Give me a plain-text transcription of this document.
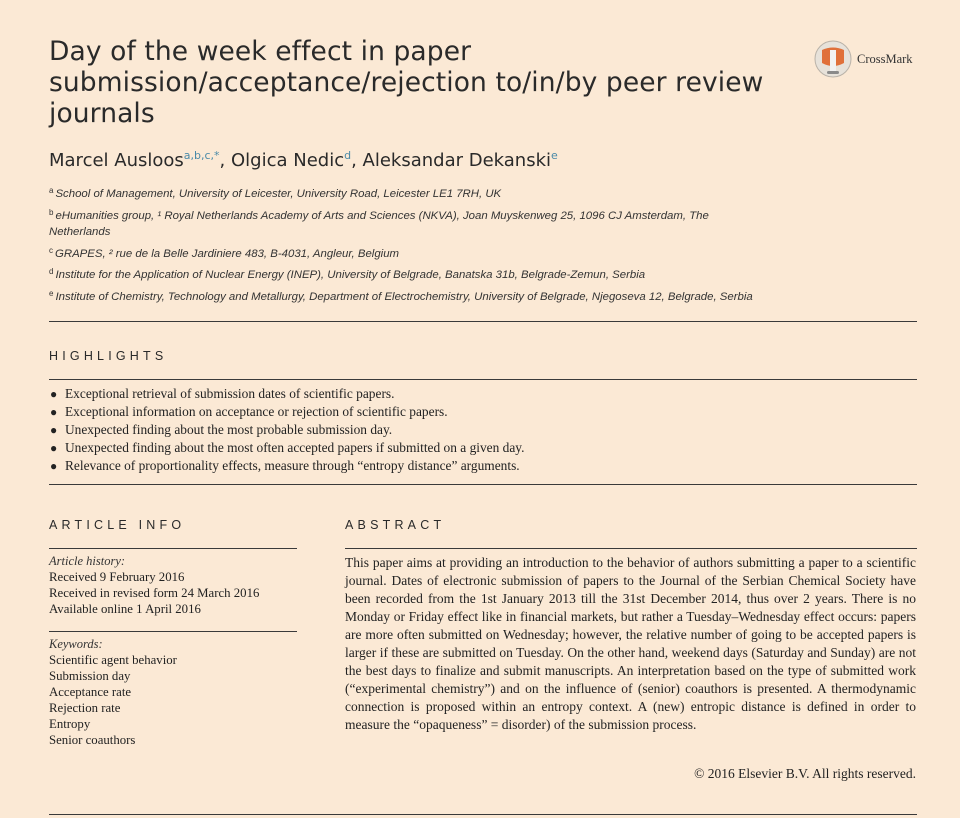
Day of the week effect in paper submission/acceptance/rejection to/in/by peer review journals
CrossMark
Marcel Ausloos$^{a,b,c,*}$, Olgica Nedic$^d$, Aleksandar Dekanski$^e$
$^a$ School of Management, University of Leicester, University Road, Leicester LE1 7RH, UK
$^b$ eHumanities group, ¹ Royal Netherlands Academy of Arts and Sciences (NKVA), Joan Muyskenweg 25, 1096 CJ Amsterdam, The Netherlands
$^c$ GRAPES, ² rue de la Belle Jardiniere 483, B-4031, Angleur, Belgium
$^d$ Institute for the Application of Nuclear Energy (INEP), University of Belgrade, Banatska 31b, Belgrade-Zemun, Serbia
$^e$ Institute of Chemistry, Technology and Metallurgy, Department of Electrochemistry, University of Belgrade, Njegoseva 12, Belgrade, Serbia
HIGHLIGHTS
● Exceptional retrieval of submission dates of scientific papers.
● Exceptional information on acceptance or rejection of scientific papers.
● Unexpected finding about the most probable submission day.
● Unexpected finding about the most often accepted papers if submitted on a given day.
● Relevance of proportionality effects, measure through “entropy distance” arguments.
ARTICLE INFO
Article history:
Received 9 February 2016
Received in revised form 24 March 2016
Available online 1 April 2016
Keywords:
Scientific agent behavior
Submission day
Acceptance rate
Rejection rate
Entropy
Senior coauthors
ABSTRACT
This paper aims at providing an introduction to the behavior of authors submitting a paper to a scientific journal. Dates of electronic submission of papers to the Journal of the Serbian Chemical Society have been recorded from the 1st January 2013 till the 31st December 2014, thus over 2 years. There is no Monday or Friday effect like in financial markets, but rather a Tuesday–Wednesday effect occurs: papers are more often submitted on Wednesday; however, the relative number of going to be accepted papers is larger if these are submitted on Tuesday. On the other hand, weekend days (Saturday and Sunday) are not the best days to finalize and submit manuscripts. An interpretation based on the type of submitted work (“experimental chemistry”) and on the influence of (senior) coauthors is presented. A thermodynamic connection is proposed within an entropy context. A (new) entropic distance is defined in order to measure the “opaqueness” = disorder) of the submission process.
© 2016 Elsevier B.V. All rights reserved.
